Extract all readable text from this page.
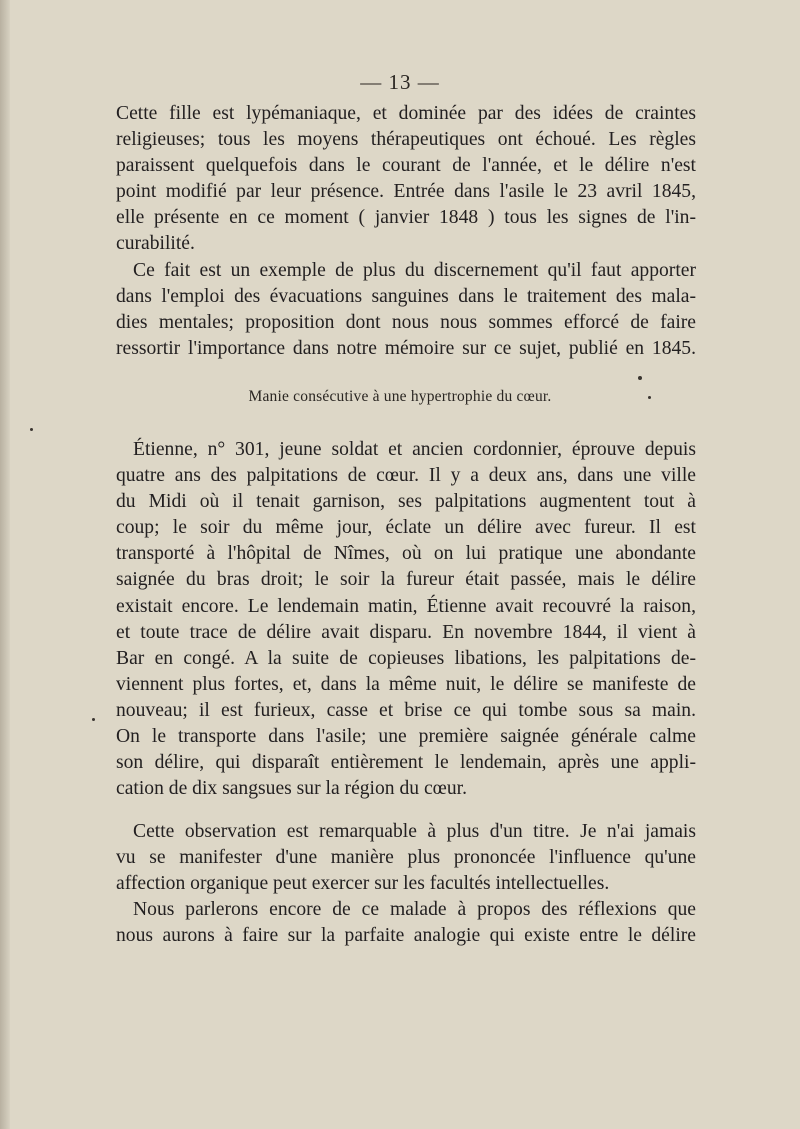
— 13 —
Cette fille est lypémaniaque, et dominée par des idées de craintes
religieuses; tous les moyens thérapeutiques ont échoué. Les règles
paraissent quelquefois dans le courant de l'année, et le délire n'est
point modifié par leur présence. Entrée dans l'asile le 23 avril 1845,
elle présente en ce moment ( janvier 1848 ) tous les signes de l'in-
curabilité.
Ce fait est un exemple de plus du discernement qu'il faut apporter
dans l'emploi des évacuations sanguines dans le traitement des mala-
dies mentales; proposition dont nous nous sommes efforcé de faire
ressortir l'importance dans notre mémoire sur ce sujet, publié en 1845.
Manie consécutive à une hypertrophie du cœur.
Étienne, n° 301, jeune soldat et ancien cordonnier, éprouve depuis
quatre ans des palpitations de cœur. Il y a deux ans, dans une ville
du Midi où il tenait garnison, ses palpitations augmentent tout à
coup; le soir du même jour, éclate un délire avec fureur. Il est
transporté à l'hôpital de Nîmes, où on lui pratique une abondante
saignée du bras droit; le soir la fureur était passée, mais le délire
existait encore. Le lendemain matin, Étienne avait recouvré la raison,
et toute trace de délire avait disparu. En novembre 1844, il vient à
Bar en congé. A la suite de copieuses libations, les palpitations de-
viennent plus fortes, et, dans la même nuit, le délire se manifeste de
nouveau; il est furieux, casse et brise ce qui tombe sous sa main.
On le transporte dans l'asile; une première saignée générale calme
son délire, qui disparaît entièrement le lendemain, après une appli-
cation de dix sangsues sur la région du cœur.
Cette observation est remarquable à plus d'un titre. Je n'ai jamais
vu se manifester d'une manière plus prononcée l'influence qu'une
affection organique peut exercer sur les facultés intellectuelles.
Nous parlerons encore de ce malade à propos des réflexions que
nous aurons à faire sur la parfaite analogie qui existe entre le délire
